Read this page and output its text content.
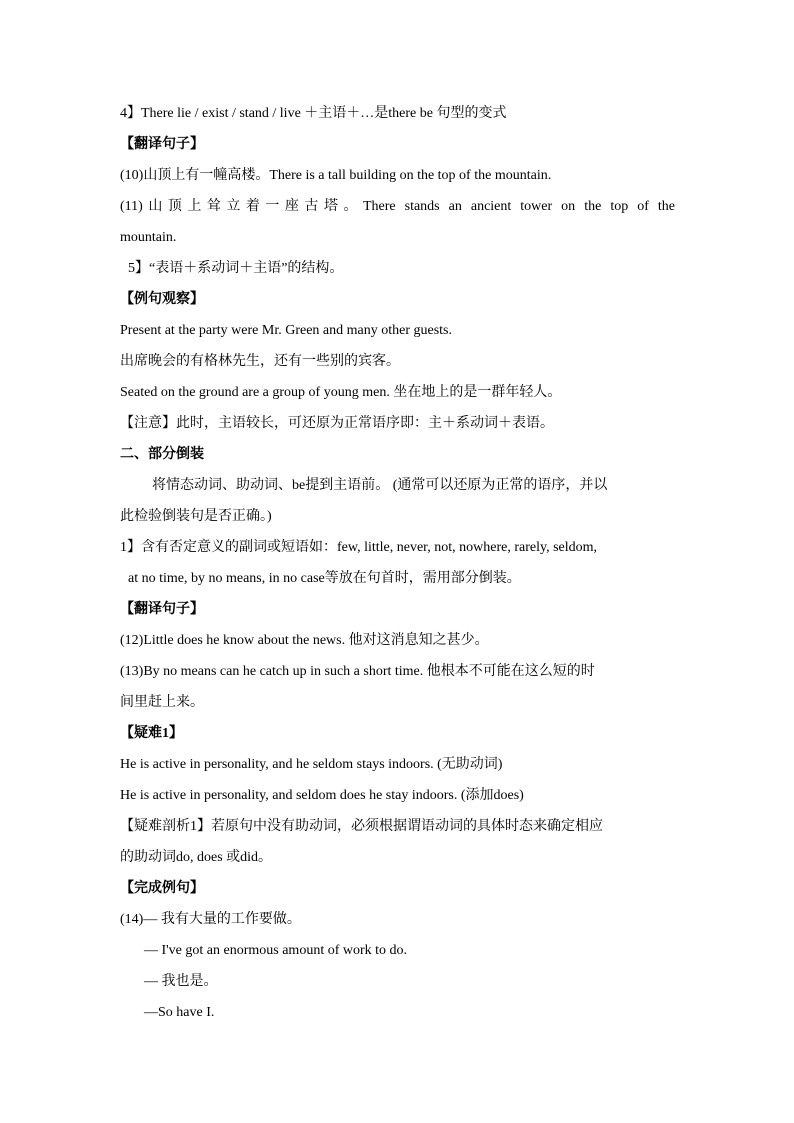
4】There lie / exist / stand / live ＋主语＋…是there be 句型的变式
【翻译句子】
(10)山顶上有一幢高楼。There is a tall building on the top of the mountain.
(11)山顶上耸立着一座古塔。There stands an ancient tower on the top of the
mountain.
5】“表语＋系动词＋主语”的结构。
【例句观察】
Present at the party were Mr. Green and many other guests.
出席晚会的有格林先生，还有一些别的宾客。
Seated on the ground are a group of young men. 坐在地上的是一群年轻人。
【注意】此时，主语较长，可还原为正常语序即：主＋系动词＋表语。
二、部分倒装
将情态动词、助动词、be提到主语前。 (通常可以还原为正常的语序，并以
此检验倒装句是否正确。)
1】含有否定意义的副词或短语如：few, little, never, not, nowhere, rarely, seldom,
at no time, by no means, in no case等放在句首时，需用部分倒装。
【翻译句子】
(12)Little does he know about the news. 他对这消息知之甚少。
(13)By no means can he catch up in such a short time. 他根本不可能在这么短的时
间里赶上来。
【疑难1】
He is active in personality, and he seldom stays indoors. (无助动词)
He is active in personality, and seldom does he stay indoors. (添加does)
【疑难剖析1】若原句中没有助动词，必须根据谓语动词的具体时态来确定相应
的助动词do, does 或did。
【完成例句】
(14)— 我有大量的工作要做。
— I've got an enormous amount of work to do.
— 我也是。
—So have I.
